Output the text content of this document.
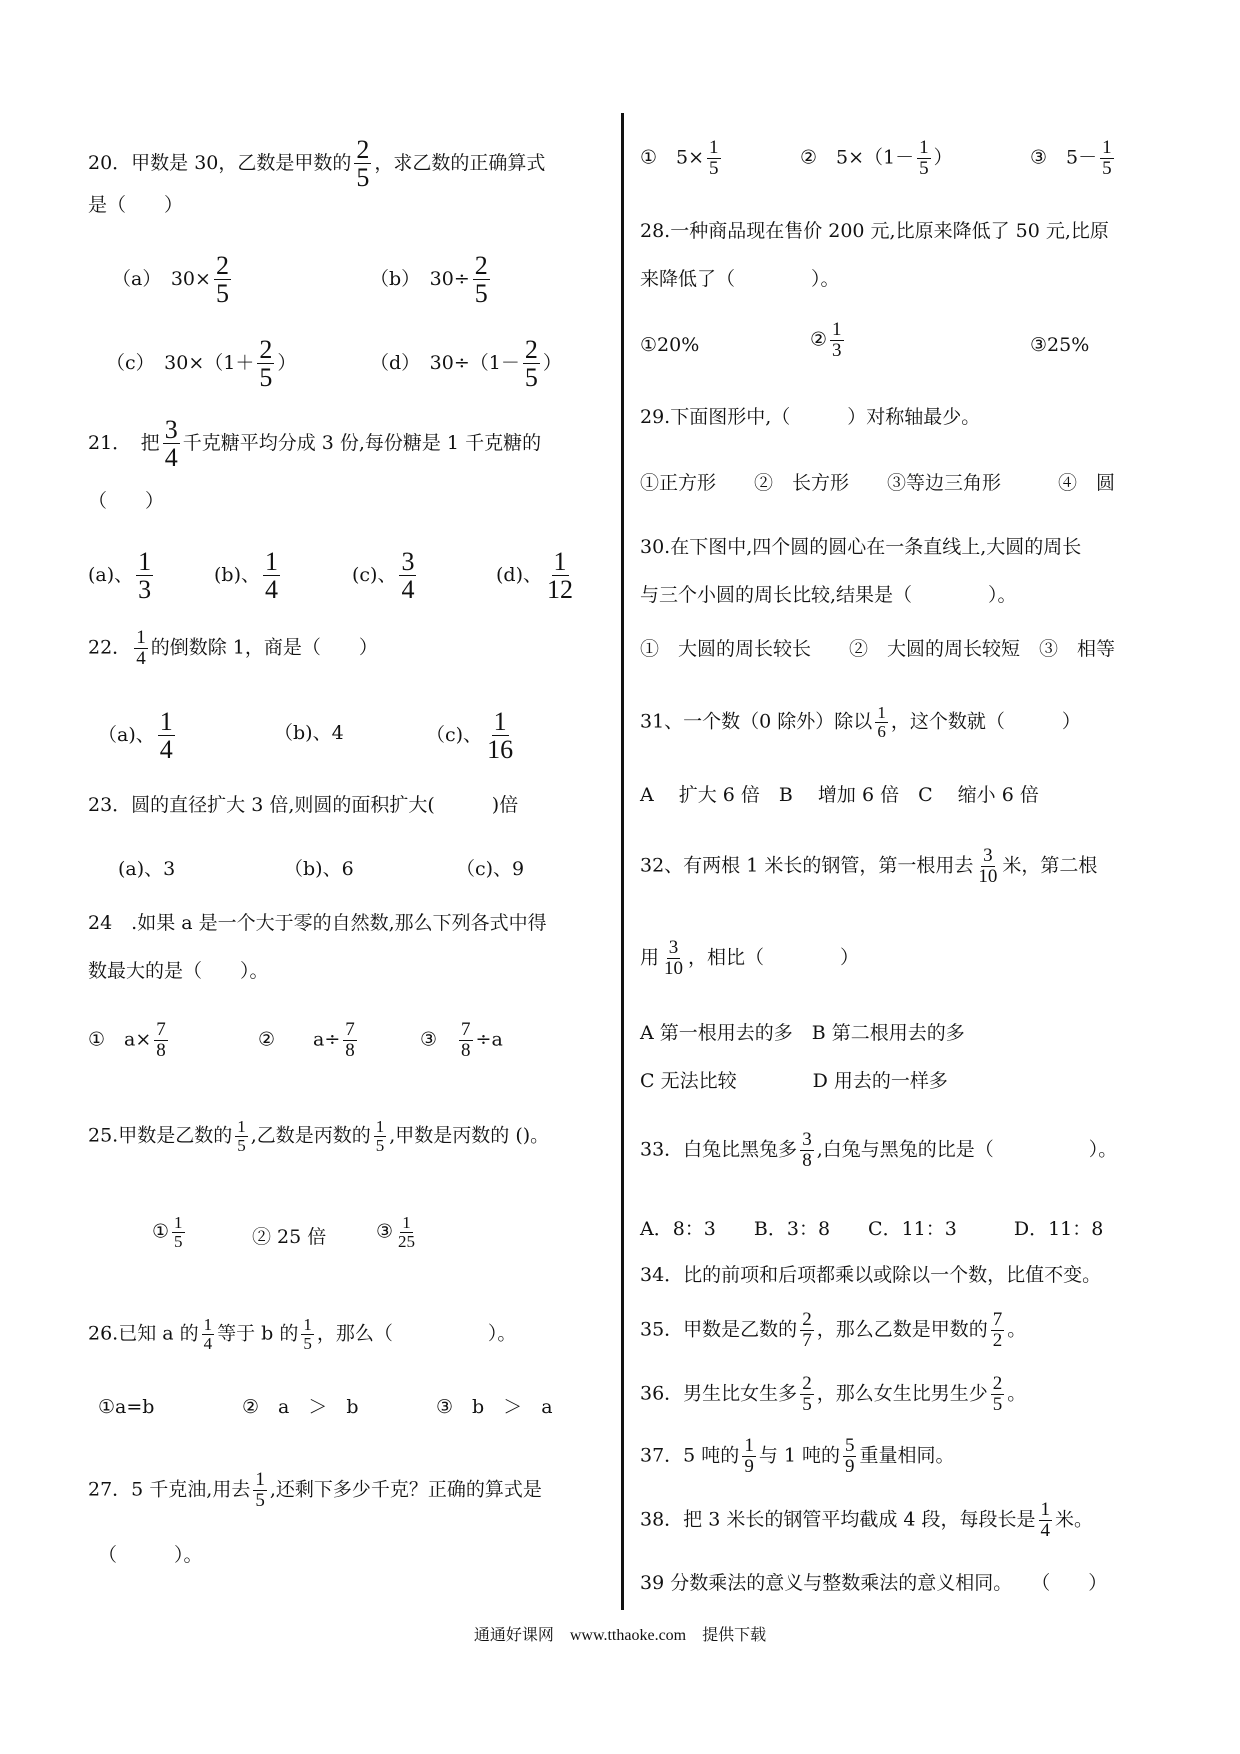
20．甲数是 30，乙数是甲数的 $\frac{2}{5}$ ，求乙数的正确算式
是（　　）
（a）　$30\times \frac{2}{5}$	（b）　$30\div \frac{2}{5}$
（c）　$30\times(1+ \frac{2}{5}$ ）	（d）　$30\div(1- \frac{2}{5}$ ）
21．　把 $\frac{3}{4}$ 千克糖平均分成 3 份,每份糖是 1 千克糖的
（　　）
(a)、 $\frac{1}{3}$	(b)、 $\frac{1}{4}$	(c)、 $\frac{3}{4}$	(d)、 $\frac{1}{12}$
22． $\frac{1}{4}$ 的倒数除 1，商是（　　）
（a)、 $\frac{1}{4}$	（b)、4	（c)、 $\frac{1}{16}$
23．圆的直径扩大 3 倍,则圆的面积扩大(　　　)倍
(a)、3	（b)、6	（c)、9
24　.如果 a 是一个大于零的自然数,那么下列各式中得
数最大的是（　　）。
①　$a\times \frac{7}{8}$	②　　$a\div \frac{7}{8}$	③　 $\frac{7}{8} \div a$
25.甲数是乙数的 $\frac{1}{5}$ ,乙数是丙数的 $\frac{1}{5}$ ,甲数是丙数的 ()。
① $\frac{1}{5}$	② 25 倍	③ $\frac{1}{25}$
26.已知 a 的 $\frac{1}{4}$ 等于 b 的 $\frac{1}{5}$ ，那么（　　　　　）。
①a=b	②　a　＞　b	③　b　＞　a
27．5 千克油,用去 $\frac{1}{5}$ ,还剩下多少千克？正确的算式是
（　　　）。
①　$5\times \frac{1}{5}$	②　$5\times(1- \frac{1}{5}$ ）	③　$5- \frac{1}{5}$
28.一种商品现在售价 200 元,比原来降低了 50 元,比原
来降低了（　　　　）。
①20%	② $\frac{1}{3}$	③25%
29.下面图形中,（　　　）对称轴最少。
①正方形　　②　长方形　　③等边三角形　　　④　圆
30.在下图中,四个圆的圆心在一条直线上,大圆的周长
与三个小圆的周长比较,结果是（　　　　）。
①　大圆的周长较长　　②　大圆的周长较短　③　相等
31、一个数（0 除外）除以 $\frac{1}{6}$ ，这个数就（　　　）
A　 扩大 6 倍　B　 增加 6 倍　C　 缩小 6 倍
32、有两根 1 米长的钢管，第一根用去 $\frac{3}{10}$ 米，第二根
用 $\frac{3}{10}$ ，相比（　　　　）
A 第一根用去的多　B 第二根用去的多
C 无法比较　　　　D 用去的一样多
33．白兔比黑兔多 $\frac{3}{8}$ ,白兔与黑兔的比是（　　　　　）。
A．8：3　　B．3：8　　C．11：3　　　D．11：8
34．比的前项和后项都乘以或除以一个数，比值不变。
35．甲数是乙数的 $\frac{2}{7}$ ，那么乙数是甲数的 $\frac{7}{2}$ 。
36．男生比女生多 $\frac{2}{5}$ ，那么女生比男生少 $\frac{2}{5}$ 。
37．5 吨的 $\frac{1}{9}$ 与 1 吨的 $\frac{5}{9}$ 重量相同。
38．把 3 米长的钢管平均截成 4 段，每段长是 $\frac{1}{4}$ 米。
39 分数乘法的意义与整数乘法的意义相同。　　（　　）
通通好课网　www.tthaoke.com　提供下载
